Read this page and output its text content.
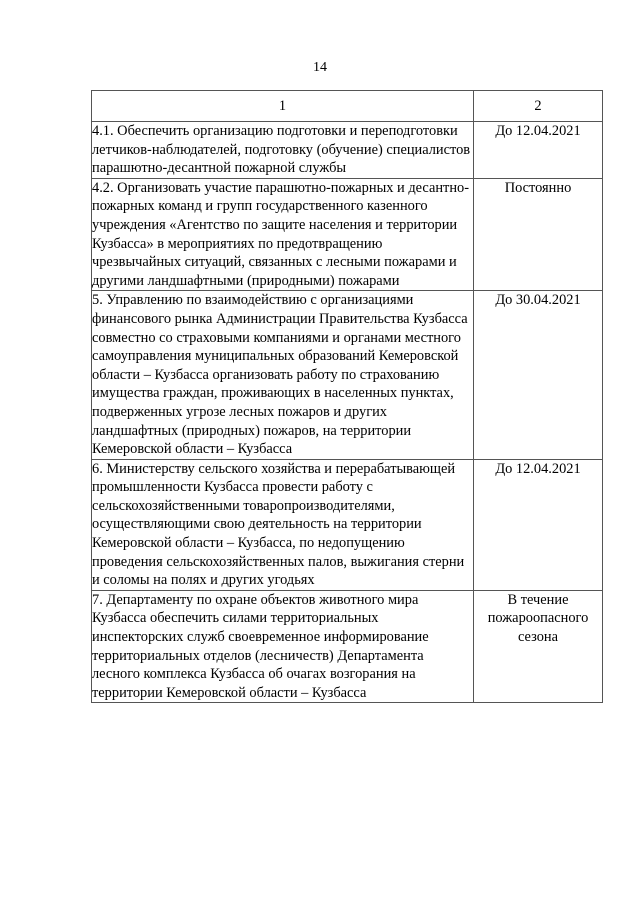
14
1	2
4.1. Обеспечить организацию подготовки и переподготовки летчиков-наблюдателей, подготовку (обучение) специалистов парашютно-десантной пожарной службы	До 12.04.2021
4.2. Организовать участие парашютно-пожарных и десантно-пожарных команд и групп государственного казенного учреждения «Агентство по защите населения и территории Кузбасса» в мероприятиях по предотвращению чрезвычайных ситуаций, связанных с лесными пожарами и другими ландшафтными (природными) пожарами	Постоянно
5. Управлению по взаимодействию с организациями финансового рынка Администрации Правительства Кузбасса совместно со страховыми компаниями и органами местного самоуправления муниципальных образований Кемеровской области – Кузбасса организовать работу по страхованию имущества граждан, проживающих в населенных пунктах, подверженных угрозе лесных пожаров и других ландшафтных (природных) пожаров, на территории Кемеровской области – Кузбасса	До 30.04.2021
6. Министерству сельского хозяйства и перерабатывающей промышленности Кузбасса провести работу с сельскохозяйственными товаропроизводителями, осуществляющими свою деятельность на территории Кемеровской области – Кузбасса, по недопущению проведения сельскохозяйственных палов, выжигания стерни и соломы на полях и других угодьях	До 12.04.2021
7. Департаменту по охране объектов животного мира Кузбасса обеспечить силами территориальных инспекторских служб своевременное информирование территориальных отделов (лесничеств) Департамента лесного комплекса Кузбасса об очагах возгорания на территории Кемеровской области – Кузбасса	В течение пожароопасного сезона
